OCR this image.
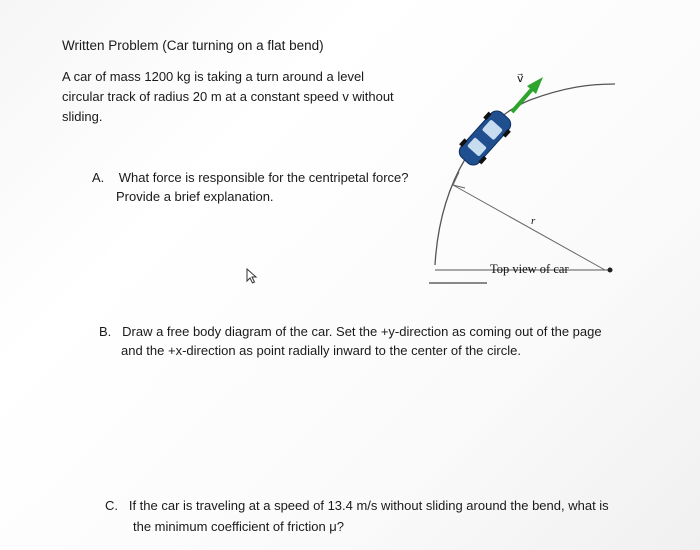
Written Problem (Car turning on a flat bend)

A car of mass 1200 kg is taking a turn around a level

circular track of radius 20 m at a constant speed v without

sliding.

A. What force is responsible for the centripetal force?
Provide a brief explanation.
v⃗
r
Top view of car
B. Draw a free body diagram of the car. Set the +y-direction as coming out of the page
and the +x-direction as point radially inward to the center of the circle.
C. If the car is traveling at a speed of 13.4 m/s without sliding around the bend, what is
the minimum coefficient of friction μ?
